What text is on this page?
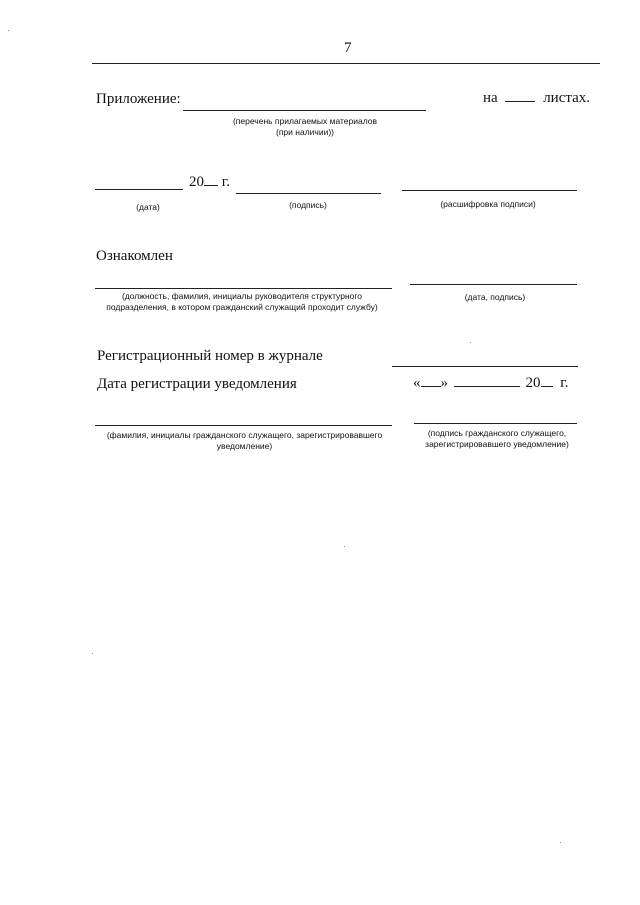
7
Приложение:	на	листах.
(перечень прилагаемых материалов
(при наличии))
20 г.
(дата)	(подпись)	(расшифровка подписи)
Ознакомлен
(должность, фамилия, инициалы руководителя структурного
подразделения, в котором гражданский служащий проходит службу)
(дата, подпись)
Регистрационный номер в журнале
Дата регистрации уведомления	« »	20 г.
(фамилия, инициалы гражданского служащего, зарегистрировавшего
уведомление)
(подпись гражданского служащего,
зарегистрировавшего уведомление)
